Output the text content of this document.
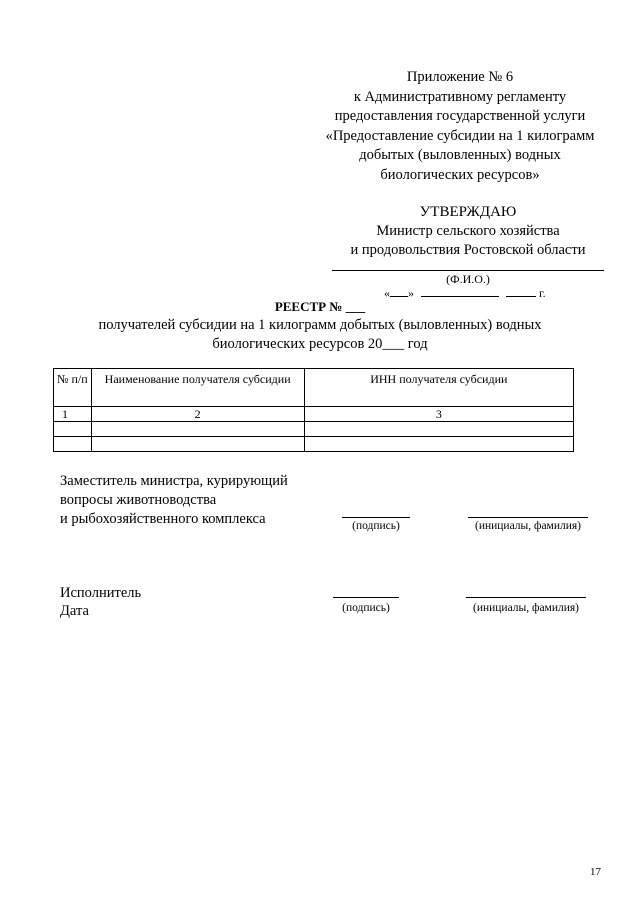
Приложение № 6
к Административному регламенту
предоставления государственной услуги
«Предоставление субсидии на 1 килограмм
добытых (выловленных) водных
биологических ресурсов»
УТВЕРЖДАЮ
Министр сельского хозяйства
и продовольствия Ростовской области
(Ф.И.О.)
« »	г.
РЕЕСТР № ___
получателей субсидии на 1 килограмм добытых (выловленных) водных
биологических ресурсов 20___ год
№ п/п	Наименование получателя субсидии	ИНН получателя субсидии
1	2	3

Заместитель министра, курирующий
вопросы животноводства
и рыбохозяйственного комплекса	(подпись)	(инициалы, фамилия)
Исполнитель
Дата	(подпись)	(инициалы, фамилия)
17
